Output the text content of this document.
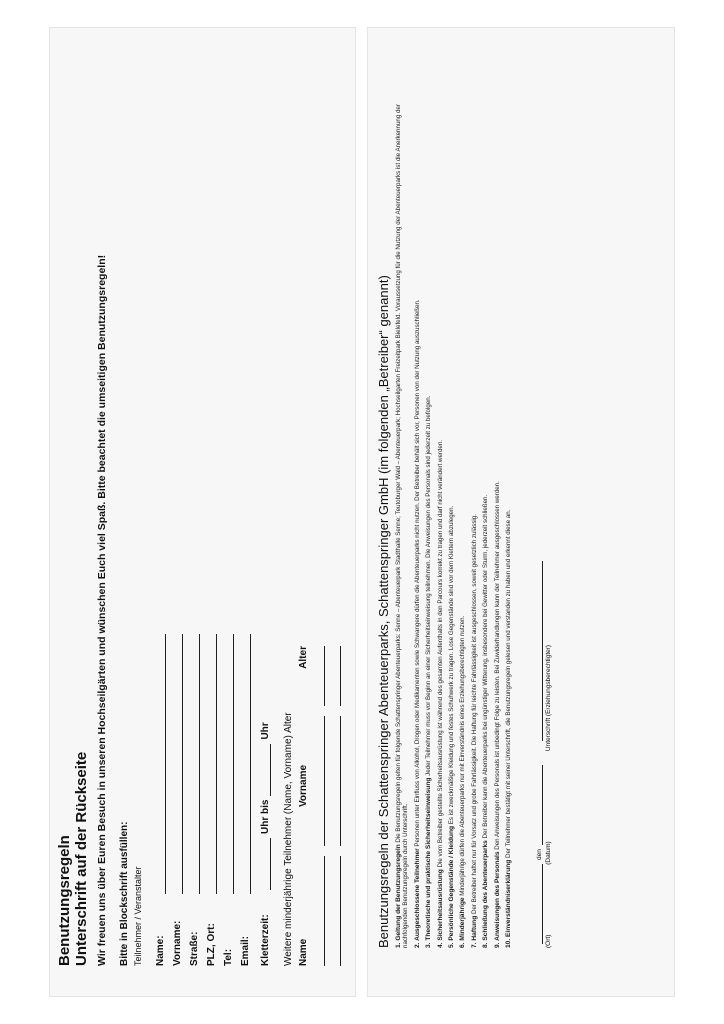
Benutzungsregeln Unterschrift auf der Rückseite Wir freuen uns über Euren Besuch in unseren Hochseilgärten und wünschen Euch viel Spaß. Bitte beachtet die umseitigen Benutzungsregeln! Bitte in Blockschrift ausfüllen: Teilnehmer / Veranstalter Name: Vorname: Straße: PLZ, Ort: Tel: Email: Kletterzeit:
Uhr bis
Uhr Weitere minderjährige Teilnehmer (Name, Vorname) Alter Name
Vorname
Alter	Benutzungsregeln der Schattenspringer Abenteuerparks, Schattenspringer GmbH (im folgenden „Betreiber“ genannt) 1. Geltung der Benutzungsregeln Die Benutzungsregeln gelten für folgende Schattenspringer Abenteuerparks: Senne – Abenteuerpark Stadthalle Senne; Teutoburger Wald – Abenteuerpark; Hochseilgarten Freizeitpark Bielefeld. Voraussetzung für die Nutzung der Abenteuerparks ist die Anerkennung der nachfolgenden Benutzungsregeln durch Unterschrift. 2. Ausgeschlossene Teilnehmer Personen unter Einfluss von Alkohol, Drogen oder Medikamenten sowie Schwangere dürfen die Abenteuerparks nicht nutzen. Der Betreiber behält sich vor, Personen von der Nutzung auszuschließen.

3. Theoretische und praktische Sicherheitseinweisung Jeder Teilnehmer muss vor Beginn an einer Sicherheitseinweisung teilnehmen. Die Anweisungen des Personals sind jederzeit zu befolgen.

4. Sicherheitsausrüstung Die vom Betreiber gestellte Sicherheitsausrüstung ist während des gesamten Aufenthalts in den Parcours korrekt zu tragen und darf nicht verändert werden.

5. Persönliche Gegenstände / Kleidung Es ist zweckmäßige Kleidung und festes Schuhwerk zu tragen. Lose Gegenstände sind vor dem Klettern abzulegen.

6. Minderjährige Minderjährige dürfen die Abenteuerparks nur mit Einverständnis eines Erziehungsberechtigten nutzen.

7. Haftung Der Betreiber haftet nur für Vorsatz und grobe Fahrlässigkeit. Die Haftung für leichte Fahrlässigkeit ist ausgeschlossen, soweit gesetzlich zulässig. 8. Schließung des Abenteuerparks Der Betreiber kann die Abenteuerparks bei ungünstiger Witterung, insbesondere bei Gewitter oder Sturm, jederzeit schließen.

9. Anweisungen des Personals Den Anweisungen des Personals ist unbedingt Folge zu leisten. Bei Zuwiderhandlungen kann der Teilnehmer ausgeschlossen werden.

10. Einverständniserklärung Der Teilnehmer bestätigt mit seiner Unterschrift, die Benutzungsregeln gelesen und verstanden zu haben und erkennt diese an.	den
(Ort)
(Datum)
Unterschrift (Erziehungsberechtigter)
